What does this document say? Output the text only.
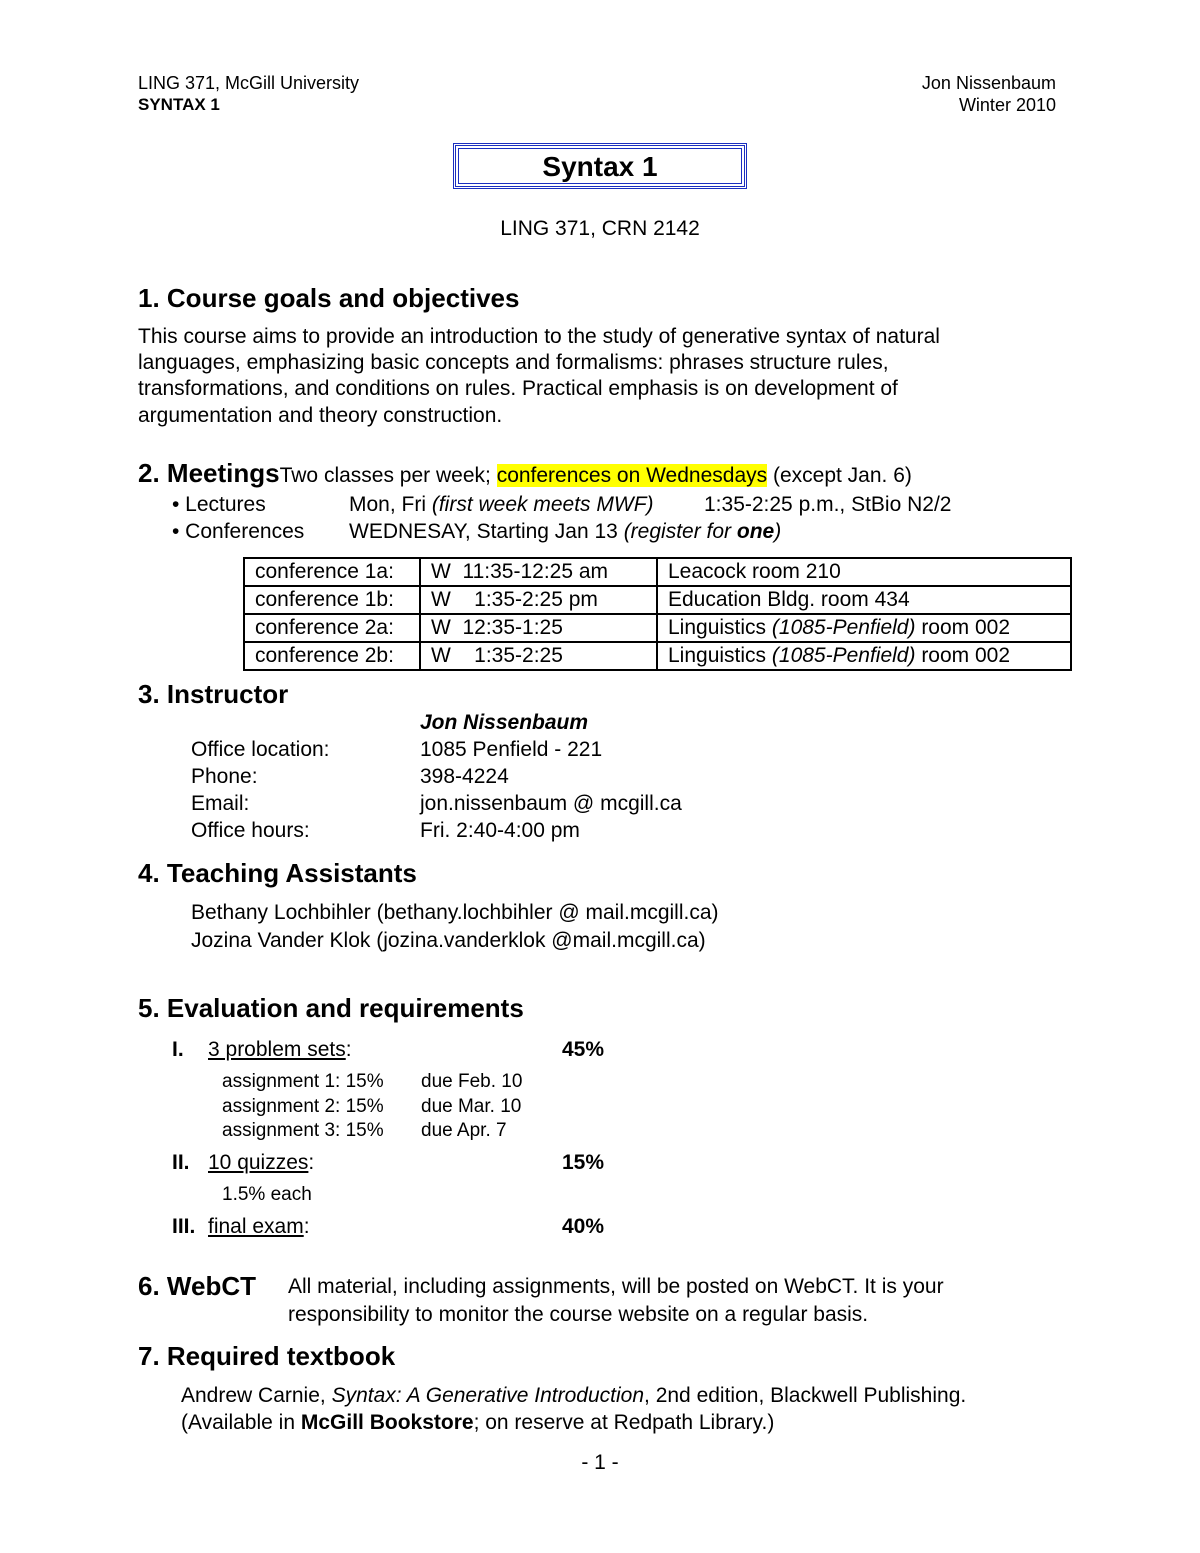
LING 371, McGill University
SYNTAX 1
Jon Nissenbaum
Winter 2010
Syntax 1
LING 371, CRN 2142
1. Course goals and objectives
This course aims to provide an introduction to the study of generative syntax of natural
languages, emphasizing basic concepts and formalisms: phrases structure rules,
transformations, and conditions on rules. Practical emphasis is on development of
argumentation and theory construction.
2. MeetingsTwo classes per week; conferences on Wednesdays (except Jan. 6)
• Lectures	Mon, Fri (first week meets MWF) 1:35-2:25 p.m., StBio N2/2
• Conferences WEDNESAY, Starting Jan 13 (register for one)
conference 1a:	W  11:35-12:25 am	Leacock room 210
conference 1b:	W    1:35-2:25 pm	Education Bldg. room 434
conference 2a:	W  12:35-1:25	Linguistics (1085-Penfield) room 002
conference 2b:	W    1:35-2:25	Linguistics (1085-Penfield) room 002
3. Instructor
Jon Nissenbaum
Office location:	1085 Penfield - 221
Phone:	398-4224
Email:	jon.nissenbaum @ mcgill.ca
Office hours:	Fri. 2:40-4:00 pm
4. Teaching Assistants
Bethany Lochbihler (bethany.lochbihler @ mail.mcgill.ca)
Jozina Vander Klok (jozina.vanderklok @mail.mcgill.ca)
5. Evaluation and requirements
I. 3 problem sets:	45%
assignment 1: 15% due Feb. 10
assignment 2: 15% due Mar. 10
assignment 3: 15% due Apr. 7
II. 10 quizzes:	15%
1.5% each
III. final exam:	40%
6. WebCT All material, including assignments, will be posted on WebCT. It is your
responsibility to monitor the course website on a regular basis.
7. Required textbook
Andrew Carnie, Syntax: A Generative Introduction, 2nd edition, Blackwell Publishing.
(Available in McGill Bookstore; on reserve at Redpath Library.)
- 1 -
